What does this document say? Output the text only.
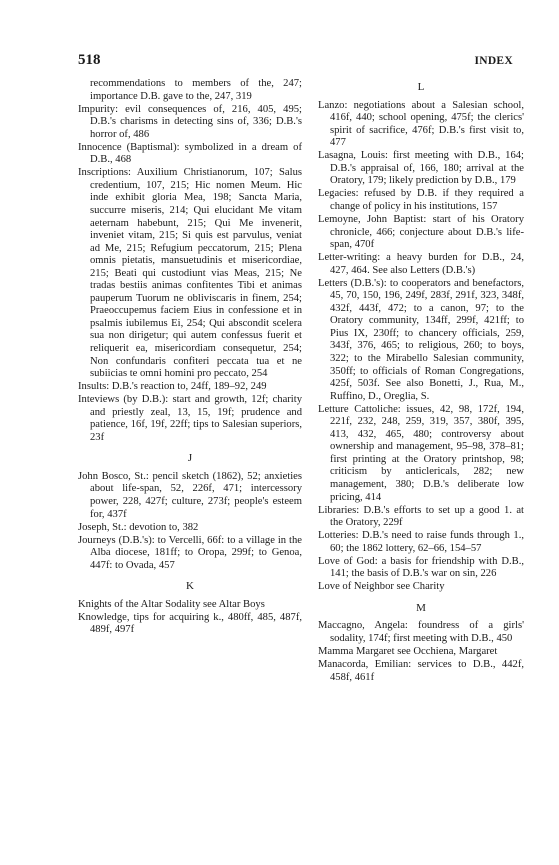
518	INDEX

recommendations to members of the, 247; importance D.B. gave to the, 247, 319

Impurity: evil consequences of, 216, 405, 495; D.B.'s charisms in detecting sins of, 336; D.B.'s horror of, 486

Innocence (Baptismal): symbolized in a dream of D.B., 468

Inscriptions: Auxilium Christianorum, 107; Salus credentium, 107, 215; Hic nomen Meum. Hic inde exhibit gloria Mea, 198; Sancta Maria, succurre miseris, 214; Qui elucidant Me vitam aeternam habebunt, 215; Qui Me invenerit, inveniet vitam, 215; Si quis est parvulus, veniat ad Me, 215; Refugium peccatorum, 215; Plena omnis pietatis, mansuetudinis et misericordiae, 215; Beati qui custodiunt vias Meas, 215; Ne tradas bestiis animas confitentes Tibi et animas pauperum Tuorum ne obliviscaris in finem, 254; Praeoccupemus faciem Eius in confessione et in psalmis iubilemus Ei, 254; Qui abscondit scelera sua non dirigetur; qui autem confessus fuerit et reliquerit ea, misericordiam consequetur, 254; Non confundaris confiteri peccata tua et ne subiicias te omni homini pro peccato, 254

Insults: D.B.'s reaction to, 24ff, 189–92, 249

Inteviews (by D.B.): start and growth, 12f; charity and priestly zeal, 13, 15, 19f; prudence and patience, 16f, 19f, 22ff; tips to Salesian superiors, 23f

J

John Bosco, St.: pencil sketch (1862), 52; anxieties about life-span, 52, 226f, 471; intercessory power, 228, 427f; culture, 273f; people's esteem for, 437f

Joseph, St.: devotion to, 382

Journeys (D.B.'s): to Vercelli, 66f: to a village in the Alba diocese, 181ff; to Oropa, 299f; to Genoa, 447f: to Ovada, 457

K

Knights of the Altar Sodality see Altar Boys

Knowledge, tips for acquiring k., 480ff, 485, 487f, 489f, 497f

L

Lanzo: negotiations about a Salesian school, 416f, 440; school opening, 475f; the clerics' spirit of sacrifice, 476f; D.B.'s first visit to, 477

Lasagna, Louis: first meeting with D.B., 164; D.B.'s appraisal of, 166, 180; arrival at the Oratory, 179; likely prediction by D.B., 179

Legacies: refused by D.B. if they required a change of policy in his institutions, 157

Lemoyne, John Baptist: start of his Oratory chronicle, 466; conjecture about D.B.'s life-span, 470f

Letter-writing: a heavy burden for D.B., 24, 427, 464. See also Letters (D.B.'s)

Letters (D.B.'s): to cooperators and benefactors, 45, 70, 150, 196, 249f, 283f, 291f, 323, 348f, 432f, 443f, 472; to a canon, 97; to the Oratory community, 134ff, 299f, 421ff; to Pius IX, 230ff; to chancery officials, 259, 343f, 376, 465; to religious, 260; to boys, 322; to the Mirabello Salesian community, 350ff; to officials of Roman Congregations, 425f, 503f. See also Bonetti, J., Rua, M., Ruffino, D., Oreglia, S.

Letture Cattoliche: issues, 42, 98, 172f, 194, 221f, 232, 248, 259, 319, 357, 380f, 395, 413, 432, 465, 480; controversy about ownership and management, 95–98, 378–81; first printing at the Oratory printshop, 98; criticism by anticlericals, 282; new management, 380; D.B.'s deliberate low pricing, 414

Libraries: D.B.'s efforts to set up a good 1. at the Oratory, 229f

Lotteries: D.B.'s need to raise funds through 1., 60; the 1862 lottery, 62–66, 154–57

Love of God: a basis for friendship with D.B., 141; the basis of D.B.'s war on sin, 226

Love of Neighbor see Charity

M

Maccagno, Angela: foundress of a girls' sodality, 174f; first meeting with D.B., 450

Mamma Margaret see Occhiena, Margaret

Manacorda, Emilian: services to D.B., 442f, 458f, 461f
